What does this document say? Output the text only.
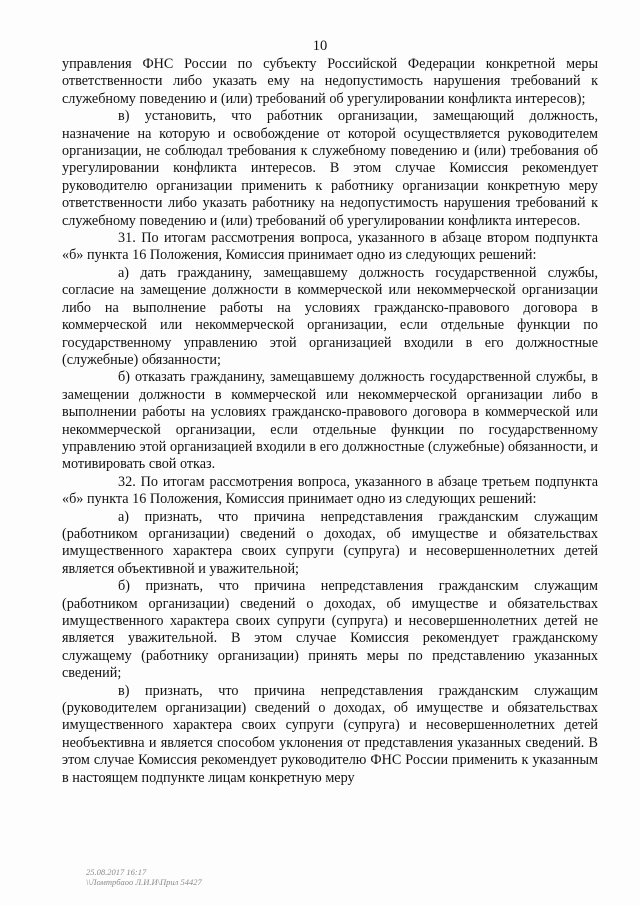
10

управления ФНС России по субъекту Российской Федерации конкретной меры ответственности либо указать ему на недопустимость нарушения требований к служебному поведению и (или) требований об урегулировании конфликта интересов);

в) установить, что работник организации, замещающий должность, назначение на которую и освобождение от которой осуществляется руководителем организации, не соблюдал требования к служебному поведению и (или) требования об урегулировании конфликта интересов. В этом случае Комиссия рекомендует руководителю организации применить к работнику организации конкретную меру ответственности либо указать работнику на недопустимость нарушения требований к служебному поведению и (или) требований об урегулировании конфликта интересов.

31. По итогам рассмотрения вопроса, указанного в абзаце втором подпункта «б» пункта 16 Положения, Комиссия принимает одно из следующих решений:

а) дать гражданину, замещавшему должность государственной службы, согласие на замещение должности в коммерческой или некоммерческой организации либо на выполнение работы на условиях гражданско-правового договора в коммерческой или некоммерческой организации, если отдельные функции по государственному управлению этой организацией входили в его должностные (служебные) обязанности;

б) отказать гражданину, замещавшему должность государственной службы, в замещении должности в коммерческой или некоммерческой организации либо в выполнении работы на условиях гражданско-правового договора в коммерческой или некоммерческой организации, если отдельные функции по государственному управлению этой организацией входили в его должностные (служебные) обязанности, и мотивировать свой отказ.

32. По итогам рассмотрения вопроса, указанного в абзаце третьем подпункта «б» пункта 16 Положения, Комиссия принимает одно из следующих решений:

а) признать, что причина непредставления гражданским служащим (работником организации) сведений о доходах, об имуществе и обязательствах имущественного характера своих супруги (супруга) и несовершеннолетних детей является объективной и уважительной;

б) признать, что причина непредставления гражданским служащим (работником организации) сведений о доходах, об имуществе и обязательствах имущественного характера своих супруги (супруга) и несовершеннолетних детей не является уважительной. В этом случае Комиссия рекомендует гражданскому служащему (работнику организации) принять меры по представлению указанных сведений;

в) признать, что причина непредставления гражданским служащим (руководителем организации) сведений о доходах, об имуществе и обязательствах имущественного характера своих супруги (супруга) и несовершеннолетних детей необъективна и является способом уклонения от представления указанных сведений. В этом случае Комиссия рекомендует руководителю ФНС России применить к указанным в настоящем подпункте лицам конкретную меру

25.08.2017 16:17
\\Ломтрбаоо Л.И.И\Прил 54427
